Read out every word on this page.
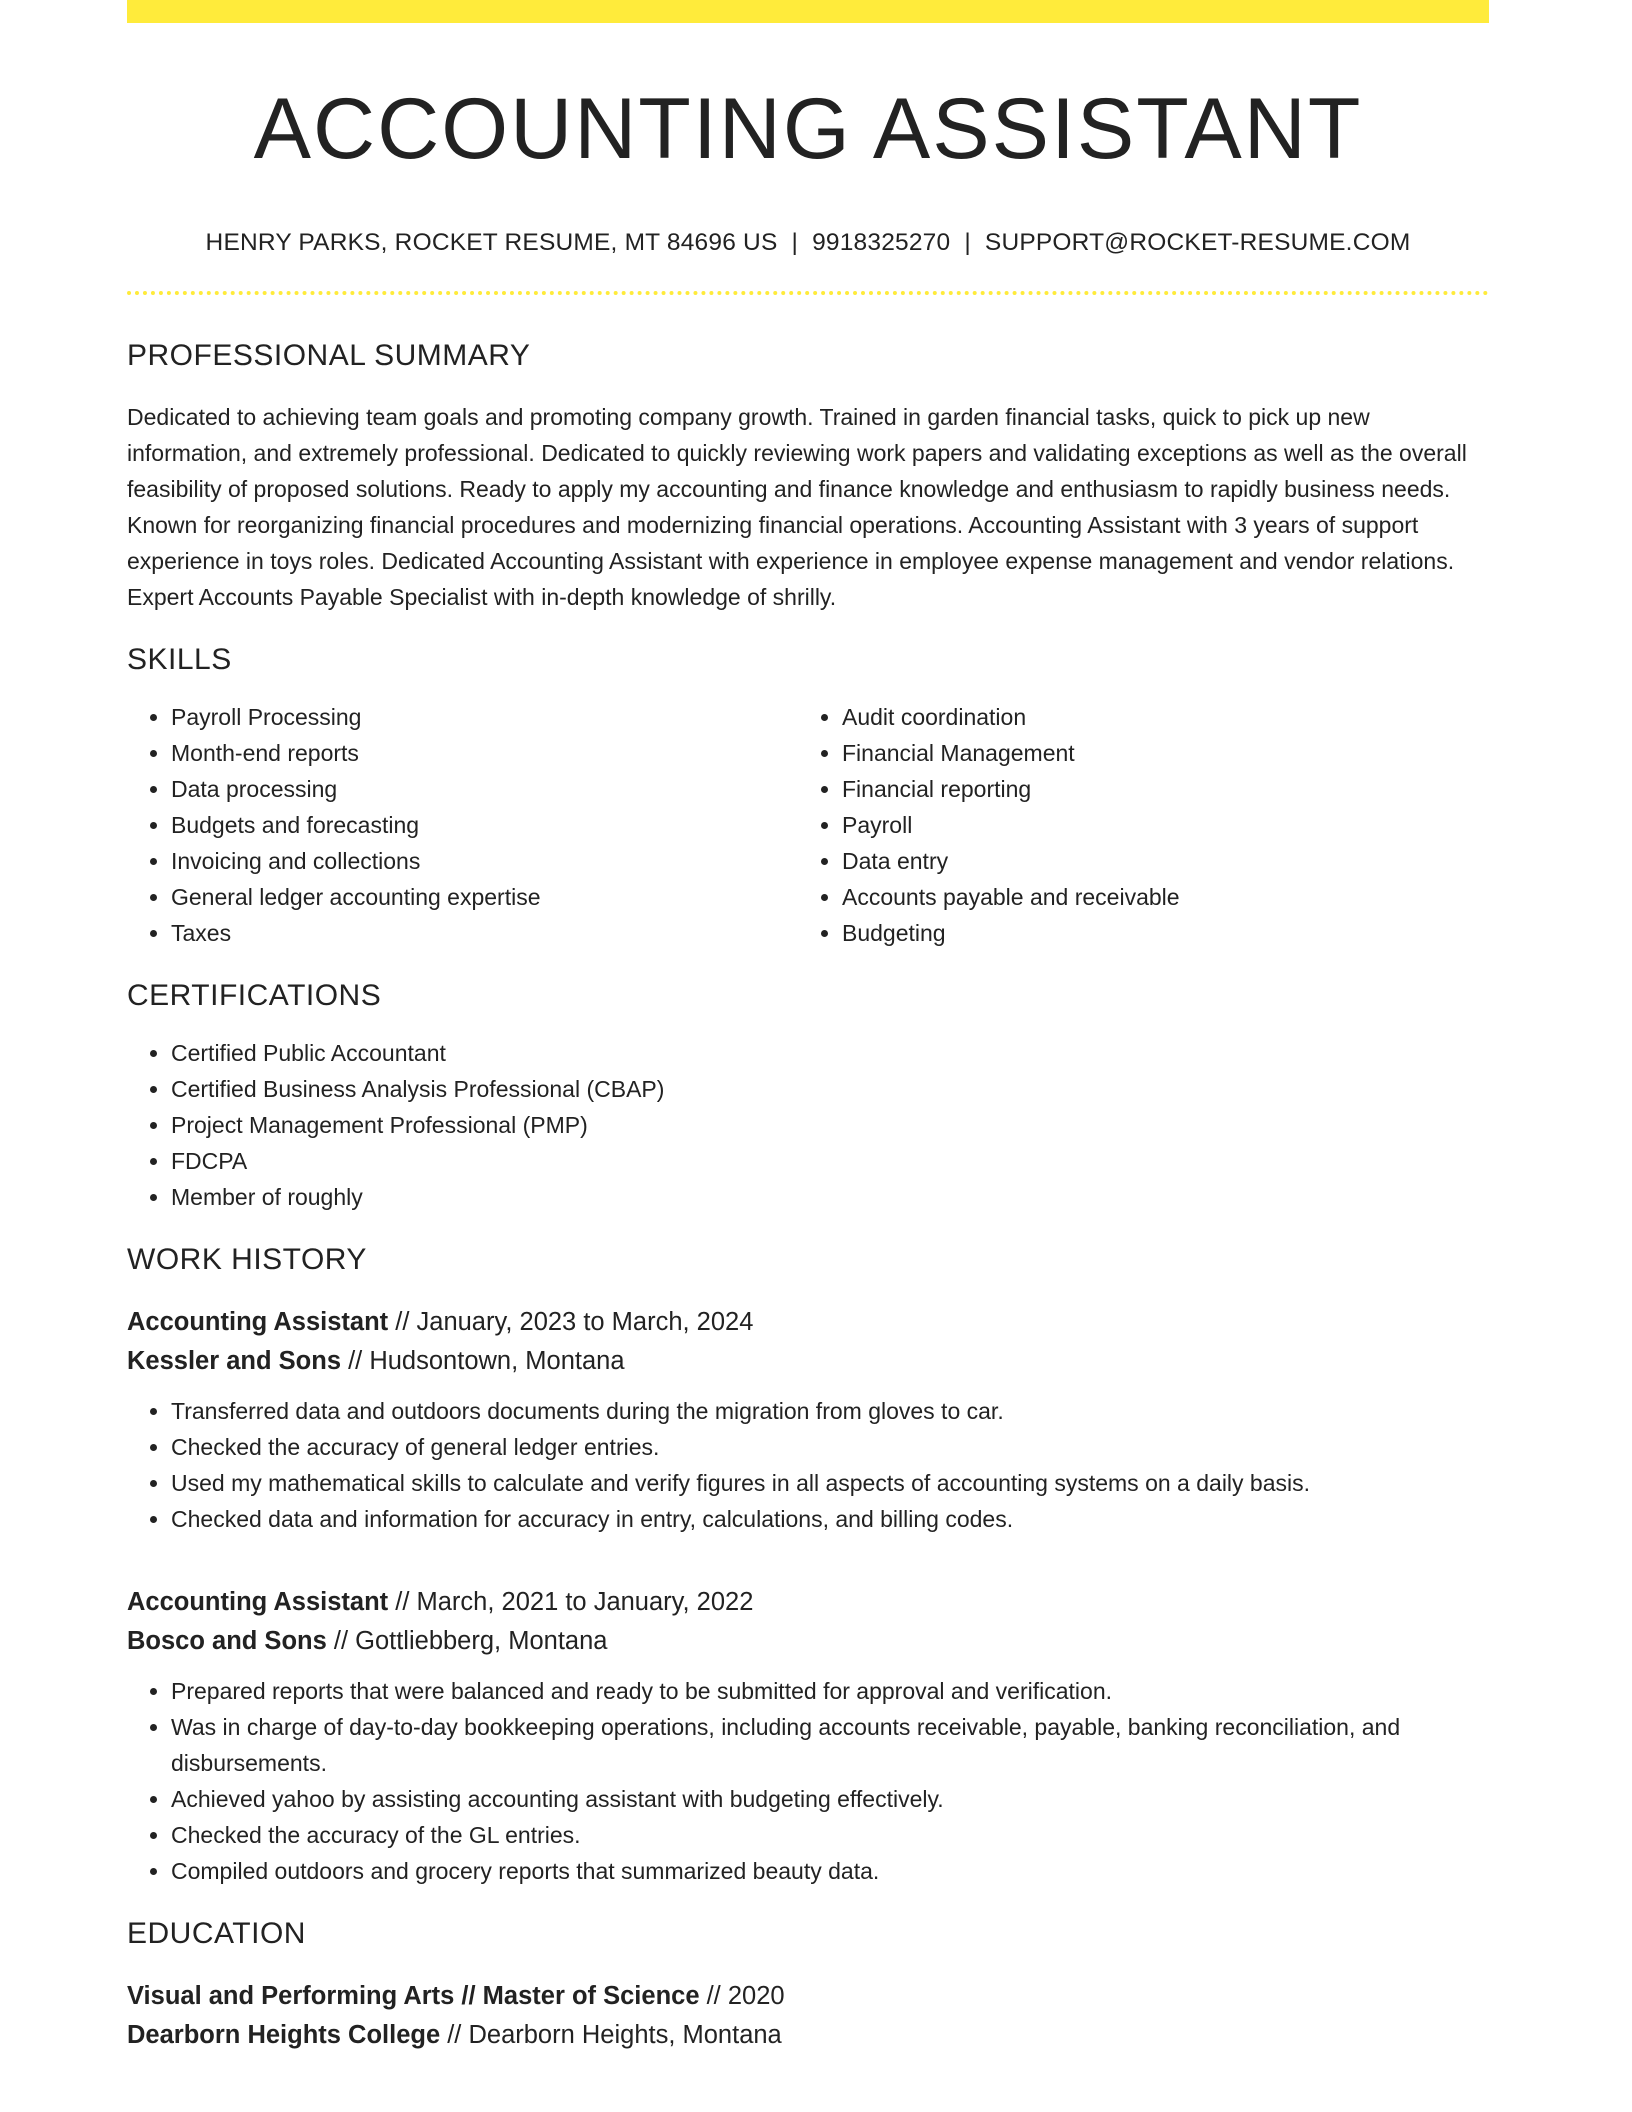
ACCOUNTING ASSISTANT
HENRY PARKS, ROCKET RESUME, MT 84696 US | 9918325270 | SUPPORT@ROCKET-RESUME.COM
PROFESSIONAL SUMMARY

Dedicated to achieving team goals and promoting company growth. Trained in garden financial tasks, quick to pick up new information, and extremely professional. Dedicated to quickly reviewing work papers and validating exceptions as well as the overall feasibility of proposed solutions. Ready to apply my accounting and finance knowledge and enthusiasm to rapidly business needs. Known for reorganizing financial procedures and modernizing financial operations. Accounting Assistant with 3 years of support experience in toys roles. Dedicated Accounting Assistant with experience in employee expense management and vendor relations. Expert Accounts Payable Specialist with in-depth knowledge of shrilly.

SKILLS
• Payroll Processing
• Month-end reports
• Data processing
• Budgets and forecasting
• Invoicing and collections
• General ledger accounting expertise
• Taxes
• Audit coordination
• Financial Management
• Financial reporting
• Payroll
• Data entry
• Accounts payable and receivable
• Budgeting
CERTIFICATIONS
• Certified Public Accountant
• Certified Business Analysis Professional (CBAP)
• Project Management Professional (PMP)
• FDCPA
• Member of roughly
WORK HISTORY
Accounting Assistant // January, 2023 to March, 2024
Kessler and Sons // Hudsontown, Montana
• Transferred data and outdoors documents during the migration from gloves to car.
• Checked the accuracy of general ledger entries.
• Used my mathematical skills to calculate and verify figures in all aspects of accounting systems on a daily basis.
• Checked data and information for accuracy in entry, calculations, and billing codes.
Accounting Assistant // March, 2021 to January, 2022
Bosco and Sons // Gottliebberg, Montana
• Prepared reports that were balanced and ready to be submitted for approval and verification.
• Was in charge of day-to-day bookkeeping operations, including accounts receivable, payable, banking reconciliation, and disbursements.
• Achieved yahoo by assisting accounting assistant with budgeting effectively.
• Checked the accuracy of the GL entries.
• Compiled outdoors and grocery reports that summarized beauty data.
EDUCATION
Visual and Performing Arts // Master of Science // 2020
Dearborn Heights College // Dearborn Heights, Montana
